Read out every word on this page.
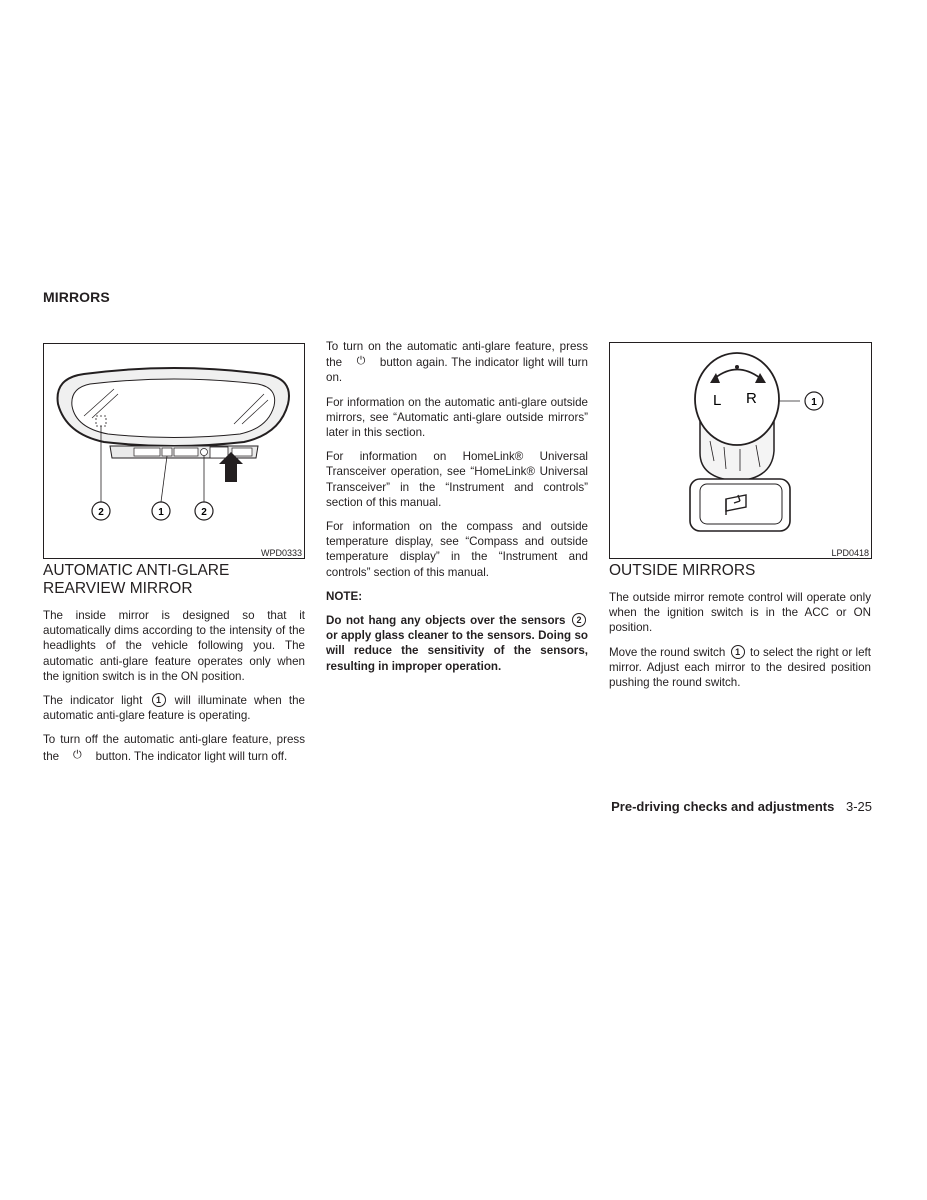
MIRRORS
2	1	2
WPD0333
L R	1
LPD0418
AUTOMATIC ANTI-GLARE
REARVIEW MIRROR

The inside mirror is designed so that it automatically dims according to the intensity of the headlights of the vehicle following you. The automatic anti-glare feature operates only when the ignition switch is in the ON position.

The indicator light 1 will illuminate when the automatic anti-glare feature is operating.

To turn off the automatic anti-glare feature, press the ⏻ button. The indicator light will turn off.

To turn on the automatic anti-glare feature, press the ⏻ button again. The indicator light will turn on.

For information on the automatic anti-glare outside mirrors, see “Automatic anti-glare outside mirrors” later in this section.

For information on HomeLink® Universal Transceiver operation, see “HomeLink® Universal Transceiver” in the “Instrument and controls” section of this manual.

For information on the compass and outside temperature display, see “Compass and outside temperature display” in the “Instrument and controls” section of this manual.

NOTE:

Do not hang any objects over the sensors 2 or apply glass cleaner to the sensors. Doing so will reduce the sensitivity of the sensors, resulting in improper operation.

OUTSIDE MIRRORS

The outside mirror remote control will operate only when the ignition switch is in the ACC or ON position.

Move the round switch 1 to select the right or left mirror. Adjust each mirror to the desired position pushing the round switch.

Pre-driving checks and adjustments 3-25
